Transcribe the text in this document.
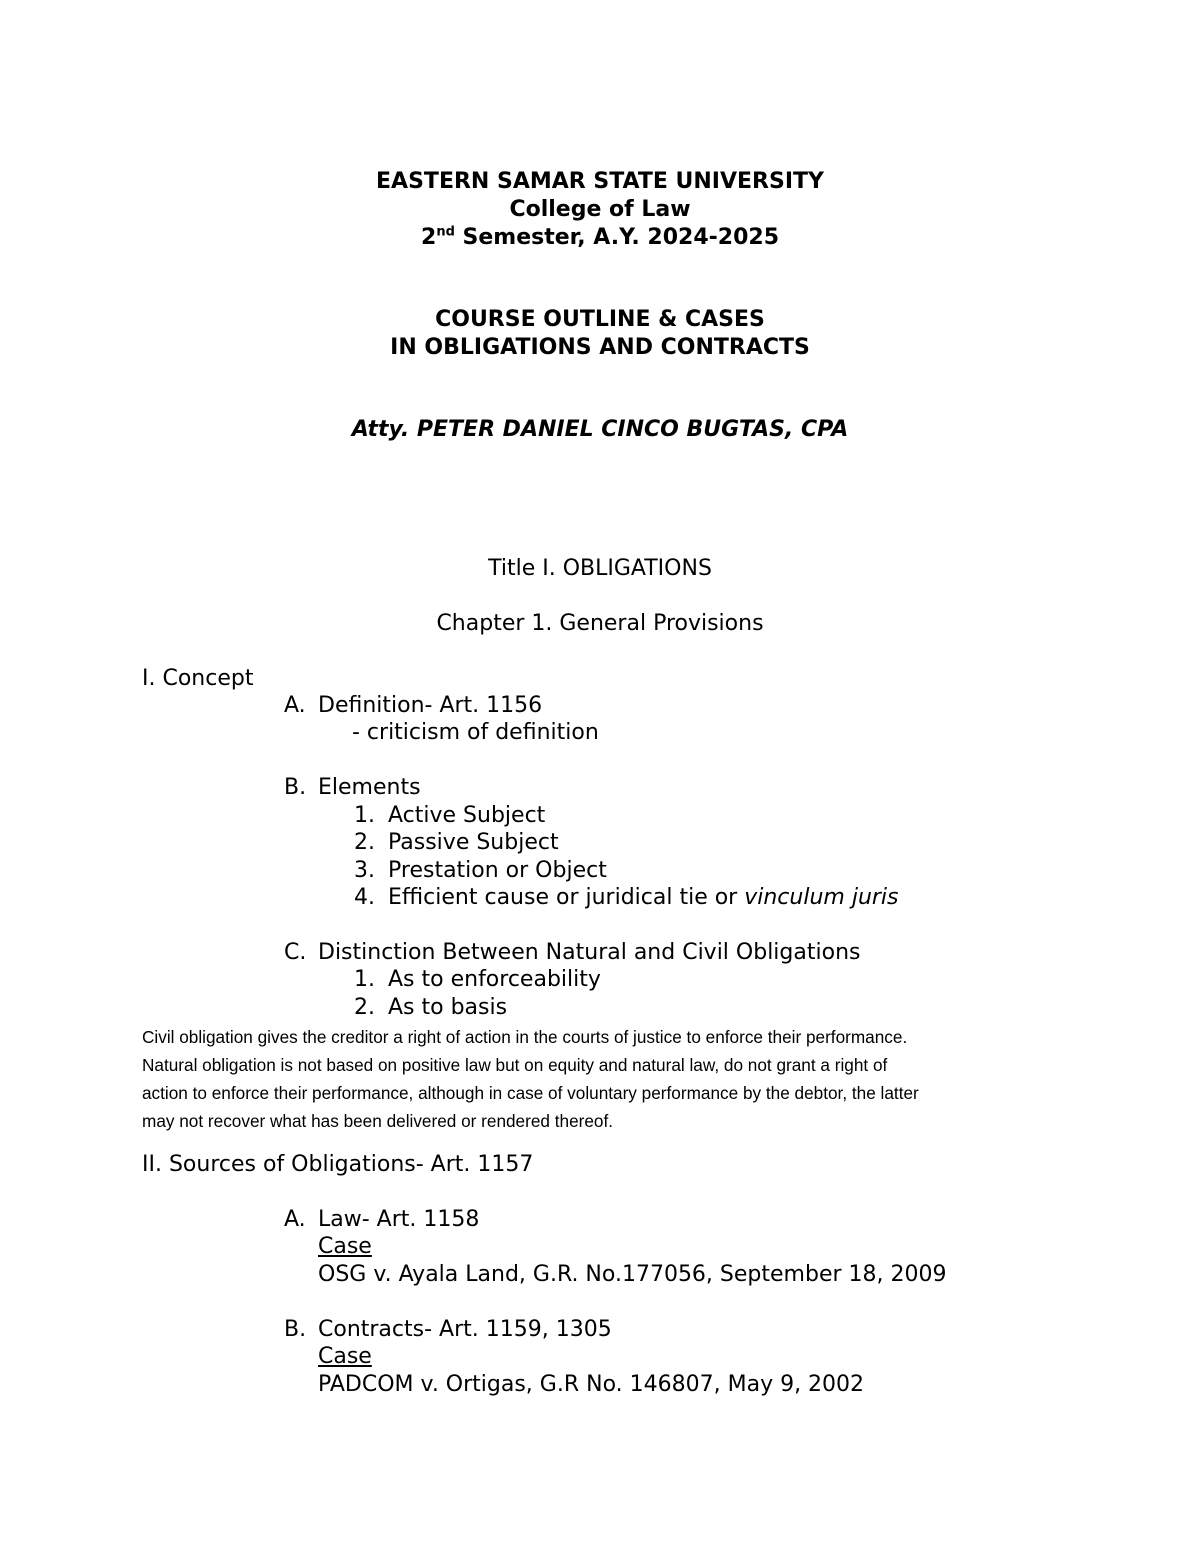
EASTERN SAMAR STATE UNIVERSITY
College of Law
2nd Semester, A.Y. 2024-2025
COURSE OUTLINE & CASES
IN OBLIGATIONS AND CONTRACTS
Atty. PETER DANIEL CINCO BUGTAS, CPA
Title I. OBLIGATIONS
Chapter 1. General Provisions
I. Concept
A. Definition- Art. 1156
- criticism of definition
B. Elements
1. Active Subject
2. Passive Subject
3. Prestation or Object
4. Efficient cause or juridical tie or vinculum juris
C. Distinction Between Natural and Civil Obligations
1. As to enforceability
2. As to basis
Civil obligation gives the creditor a right of action in the courts of justice to enforce their performance.
Natural obligation is not based on positive law but on equity and natural law, do not grant a right of
action to enforce their performance, although in case of voluntary performance by the debtor, the latter
may not recover what has been delivered or rendered thereof.
II. Sources of Obligations- Art. 1157
A. Law- Art. 1158
Case
OSG v. Ayala Land, G.R. No.177056, September 18, 2009
B. Contracts- Art. 1159, 1305
Case
PADCOM v. Ortigas, G.R No. 146807, May 9, 2002
